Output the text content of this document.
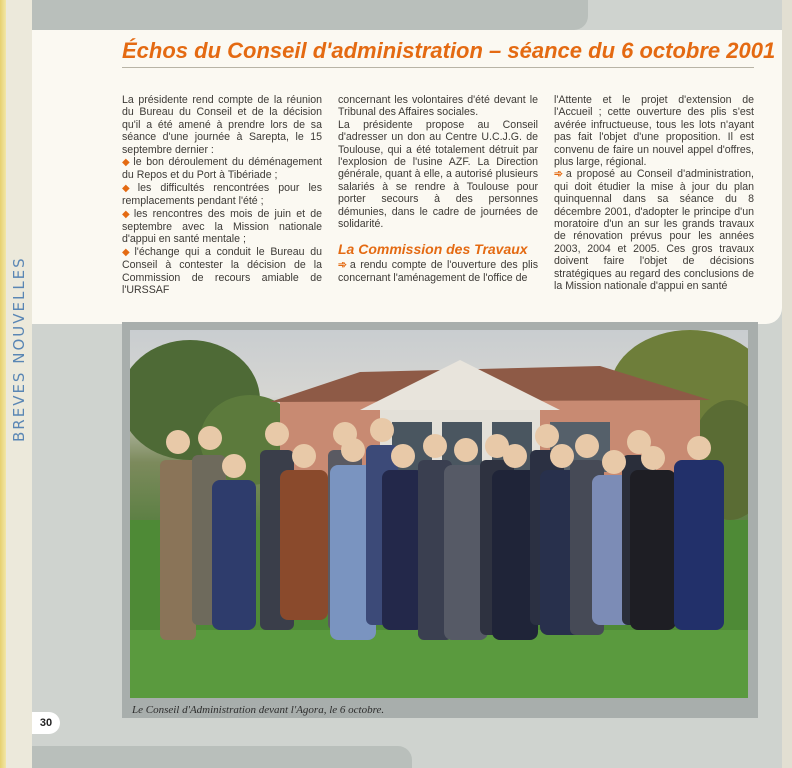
BREVES NOUVELLES
Échos du Conseil d'administration – séance du 6 octobre 2001

La présidente rend compte de la réunion du Bureau du Conseil et de la décision qu'il a été amené à prendre lors de sa séance d'une journée à Sarepta, le 15 septembre dernier :

◆ le bon déroulement du déménagement du Repos et du Port à Tibériade ;

◆ les difficultés rencontrées pour les remplacements pendant l'été ;

◆ les rencontres des mois de juin et de septembre avec la Mission nationale d'appui en santé mentale ;

◆ l'échange qui a conduit le Bureau du Conseil à contester la décision de la Commission de recours amiable de l'URSSAF

concernant les volontaires d'été devant le Tribunal des Affaires sociales.

La présidente propose au Conseil d'adresser un don au Centre U.C.J.G. de Toulouse, qui a été totalement détruit par l'explosion de l'usine AZF. La Direction générale, quant à elle, a autorisé plusieurs salariés à se rendre à Toulouse pour porter secours à des personnes démunies, dans le cadre de journées de solidarité.

La Commission des Travaux

➾ a rendu compte de l'ouverture des plis concernant l'aménagement de l'office de

l'Attente et le projet d'extension de l'Accueil ; cette ouverture des plis s'est avérée infructueuse, tous les lots n'ayant pas fait l'objet d'une proposition. Il est convenu de faire un nouvel appel d'offres, plus large, régional.

➾ a proposé au Conseil d'administration, qui doit étudier la mise à jour du plan quinquennal dans sa séance du 8 décembre 2001, d'adopter le principe d'un moratoire d'un an sur les grands travaux de rénovation prévus pour les années 2003, 2004 et 2005. Ces gros travaux doivent faire l'objet de décisions stratégiques au regard des conclusions de la Mission nationale d'appui en santé

Le Conseil d'Administration devant l'Agora, le 6 octobre.
30
